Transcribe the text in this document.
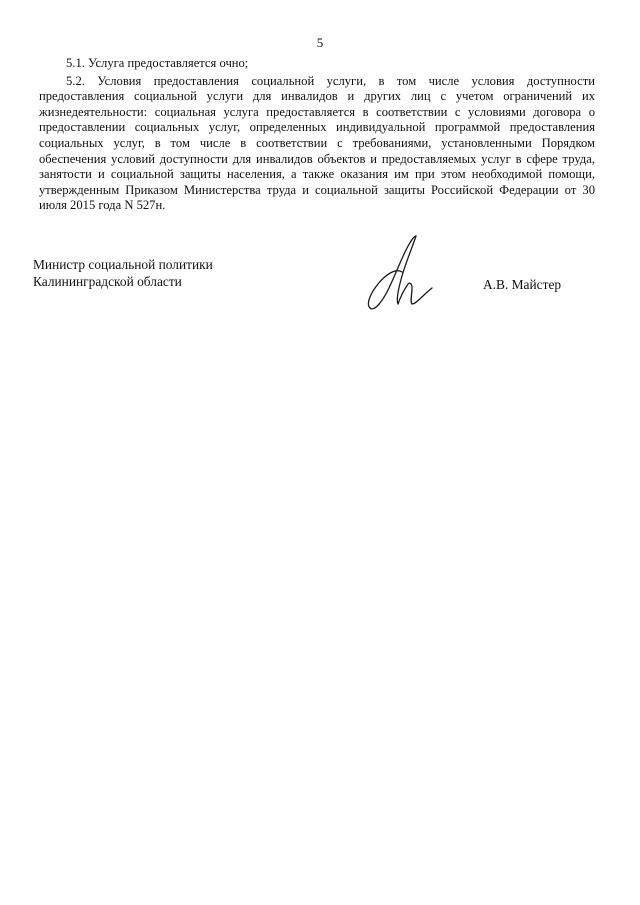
5

5.1. Услуга предоставляется очно;

5.2. Условия предоставления социальной услуги, в том числе условия доступности предоставления социальной услуги для инвалидов и других лиц с учетом ограничений их жизнедеятельности: социальная услуга предоставляется в соответствии с условиями договора о предоставлении социальных услуг, определенных индивидуальной программой предоставления социальных услуг, в том числе в соответствии с требованиями, установленными Порядком обеспечения условий доступности для инвалидов объектов и предоставляемых услуг в сфере труда, занятости и социальной защиты населения, а также оказания им при этом необходимой помощи, утвержденным Приказом Министерства труда и социальной защиты Российской Федерации от 30 июля 2015 года N 527н.

Министр социальной политики
Калининградской области	А.В. Майстер
